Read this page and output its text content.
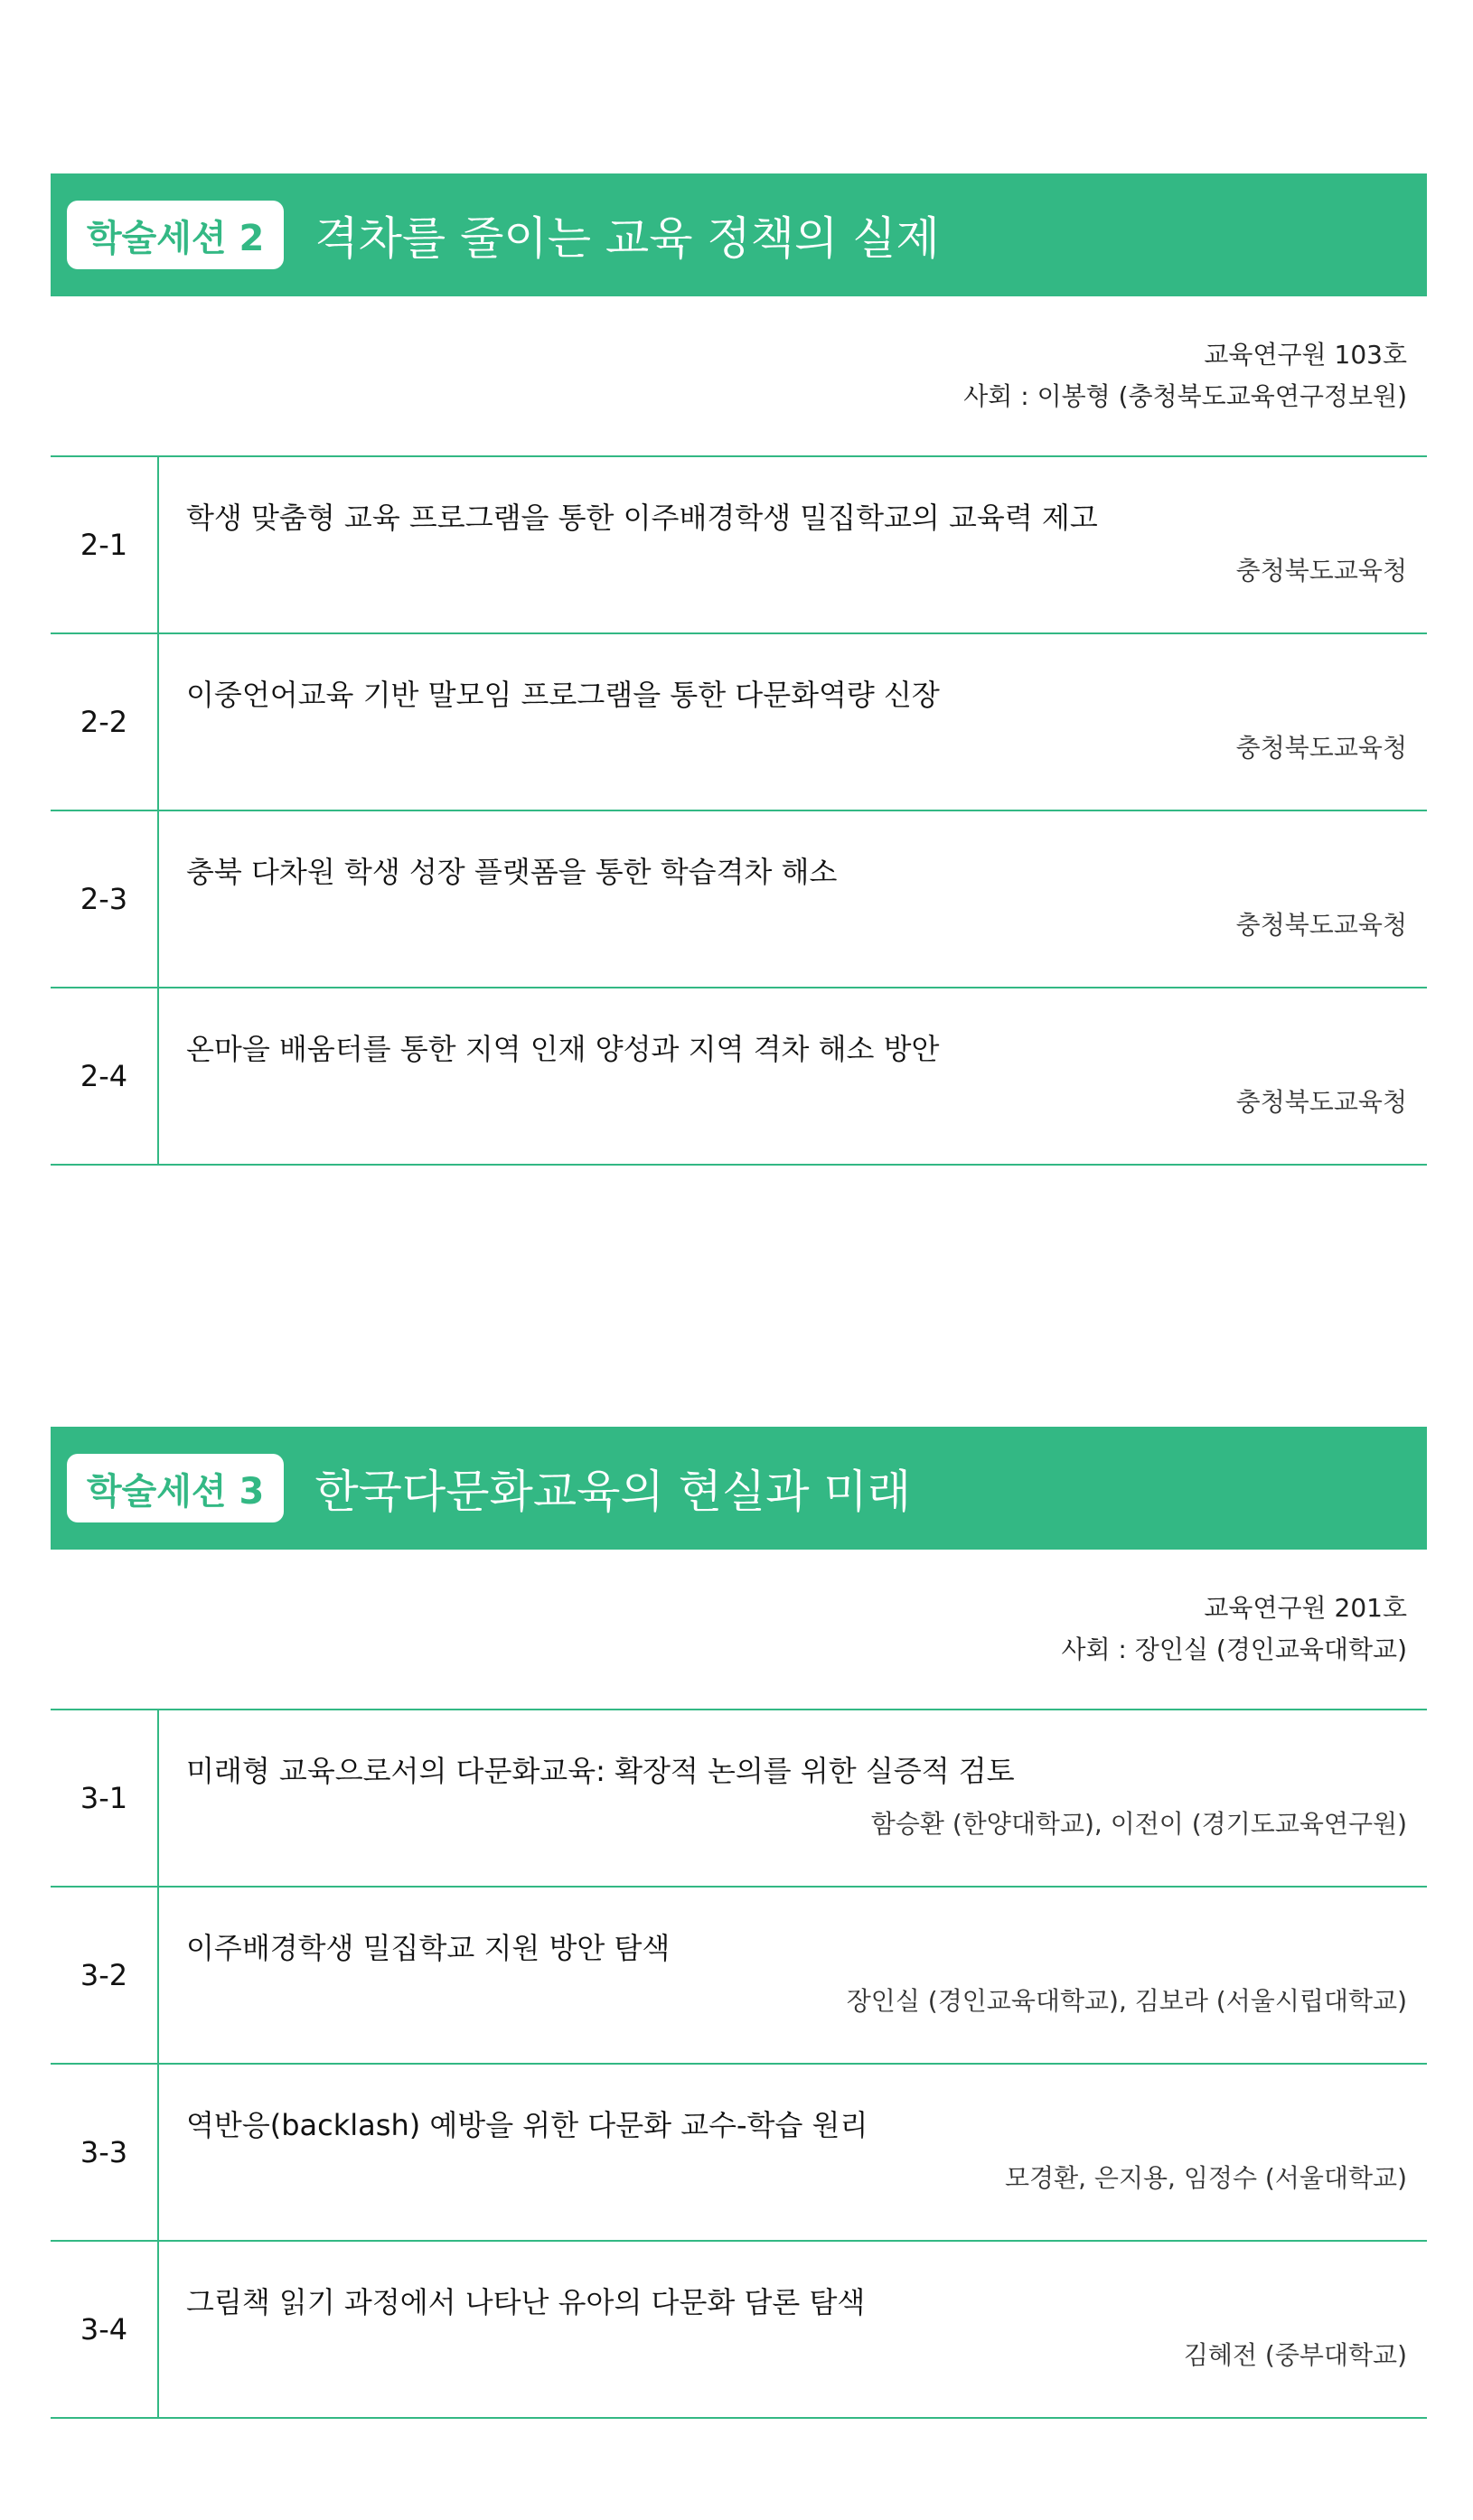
학술세션 2	격차를 줄이는 교육 정책의 실제
교육연구원 103호
사회 : 이봉형 (충청북도교육연구정보원)
2-1
학생 맞춤형 교육 프로그램을 통한 이주배경학생 밀집학교의 교육력 제고
충청북도교육청
2-2
이중언어교육 기반 말모임 프로그램을 통한 다문화역량 신장
충청북도교육청
2-3
충북 다차원 학생 성장 플랫폼을 통한 학습격차 해소
충청북도교육청
2-4
온마을 배움터를 통한 지역 인재 양성과 지역 격차 해소 방안
충청북도교육청
학술세션 3	한국다문화교육의 현실과 미래
교육연구원 201호
사회 : 장인실 (경인교육대학교)
3-1
미래형 교육으로서의 다문화교육: 확장적 논의를 위한 실증적 검토
함승환 (한양대학교), 이전이 (경기도교육연구원)
3-2
이주배경학생 밀집학교 지원 방안 탐색
장인실 (경인교육대학교), 김보라 (서울시립대학교)
3-3
역반응(backlash) 예방을 위한 다문화 교수-학습 원리
모경환, 은지용, 임정수 (서울대학교)
3-4
그림책 읽기 과정에서 나타난 유아의 다문화 담론 탐색
김혜전 (중부대학교)
